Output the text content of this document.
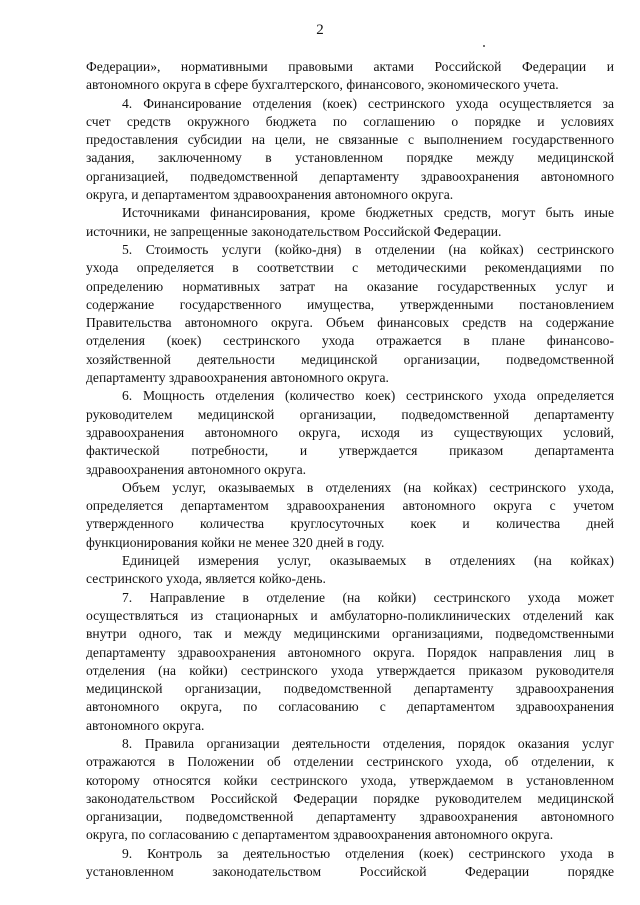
2
Федерации», нормативными правовыми актами Российской Федерации и
автономного округа в сфере бухгалтерского, финансового, экономического учета.
4. Финансирование отделения (коек) сестринского ухода осуществляется за
счет средств окружного бюджета по соглашению о порядке и условиях
предоставления субсидии на цели, не связанные с выполнением государственного
задания, заключенному в установленном порядке между медицинской
организацией, подведомственной департаменту здравоохранения автономного
округа, и департаментом здравоохранения автономного округа.
Источниками финансирования, кроме бюджетных средств, могут быть иные
источники, не запрещенные законодательством Российской Федерации.
5. Стоимость услуги (койко-дня) в отделении (на койках) сестринского
ухода определяется в соответствии с методическими рекомендациями по
определению нормативных затрат на оказание государственных услуг и
содержание государственного имущества, утвержденными постановлением
Правительства автономного округа. Объем финансовых средств на содержание
отделения (коек) сестринского ухода отражается в плане финансово-
хозяйственной деятельности медицинской организации, подведомственной
департаменту здравоохранения автономного округа.
6. Мощность отделения (количество коек) сестринского ухода определяется
руководителем медицинской организации, подведомственной департаменту
здравоохранения автономного округа, исходя из существующих условий,
фактической потребности, и утверждается приказом департамента
здравоохранения автономного округа.
Объем услуг, оказываемых в отделениях (на койках) сестринского ухода,
определяется департаментом здравоохранения автономного округа с учетом
утвержденного количества круглосуточных коек и количества дней
функционирования койки не менее 320 дней в году.
Единицей измерения услуг, оказываемых в отделениях (на койках)
сестринского ухода, является койко-день.
7. Направление в отделение (на койки) сестринского ухода может
осуществляться из стационарных и амбулаторно-поликлинических отделений как
внутри одного, так и между медицинскими организациями, подведомственными
департаменту здравоохранения автономного округа. Порядок направления лиц в
отделения (на койки) сестринского ухода утверждается приказом руководителя
медицинской организации, подведомственной департаменту здравоохранения
автономного округа, по согласованию с департаментом здравоохранения
автономного округа.
8. Правила организации деятельности отделения, порядок оказания услуг
отражаются в Положении об отделении сестринского ухода, об отделении, к
которому относятся койки сестринского ухода, утверждаемом в установленном
законодательством Российской Федерации порядке руководителем медицинской
организации, подведомственной департаменту здравоохранения автономного
округа, по согласованию с департаментом здравоохранения автономного округа.
9. Контроль за деятельностью отделения (коек) сестринского ухода в
установленном законодательством Российской Федерации порядке
